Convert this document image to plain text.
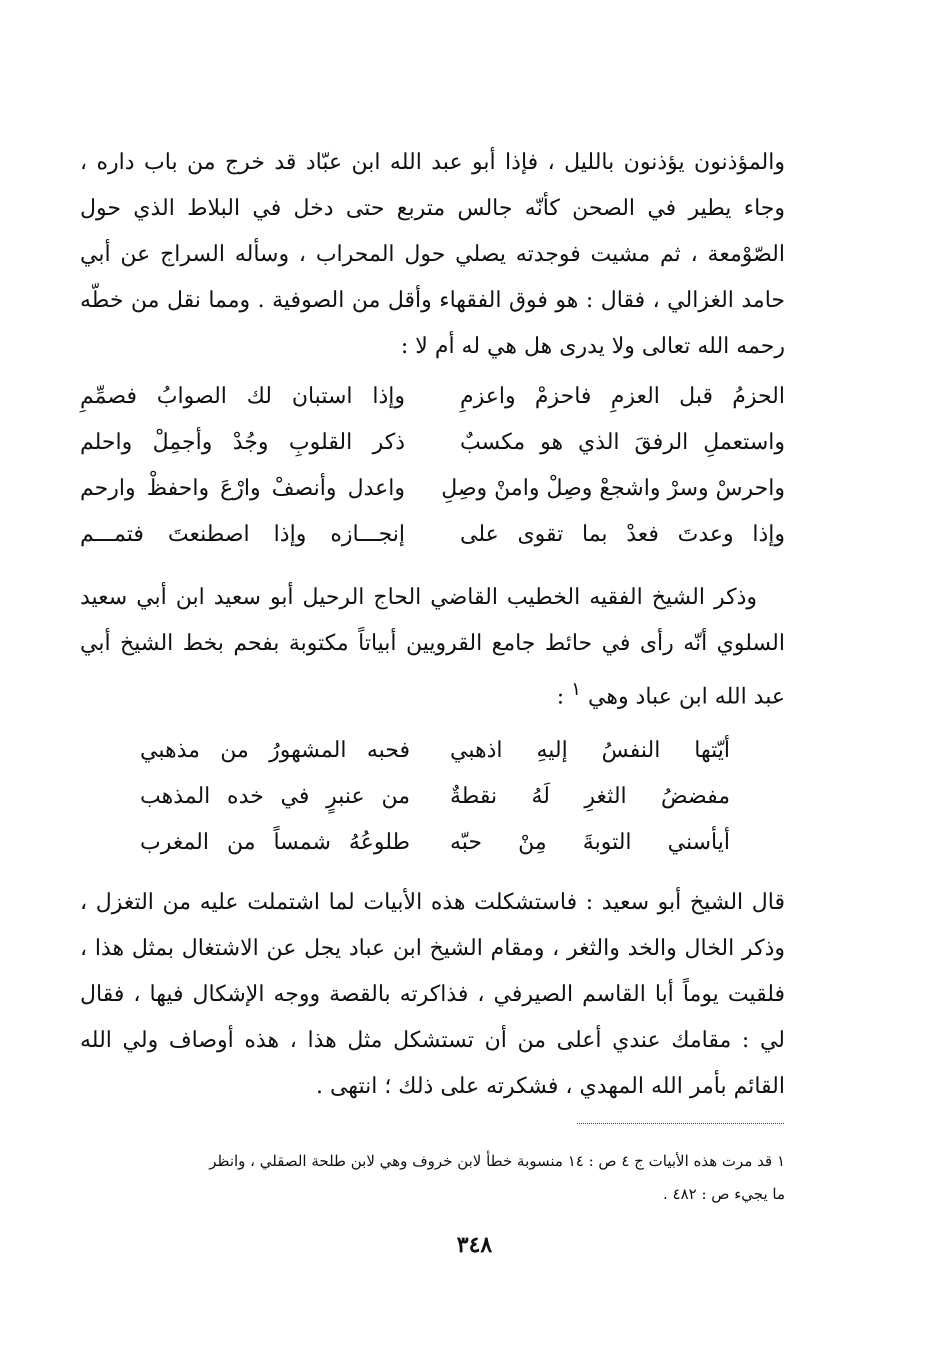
والمؤذنون يؤذنون بالليل ، فإذا أبو عبد الله ابن عبّاد قد خرج من باب داره ، وجاء يطير في الصحن كأنّه جالس متربع حتى دخل في البلاط الذي حول الصّوْمعة ، ثم مشيت فوجدته يصلي حول المحراب ، وسأله السراج عن أبي حامد الغزالي ، فقال : هو فوق الفقهاء وأقل من الصوفية . ومما نقل من خطّه رحمه الله تعالى ولا يدرى هل هي له أم لا :

الحزمُ قبل العزمِ فاحزمْ واعزمِ
وإذا استبان لك الصوابُ فصمِّمِ
واستعملِ الرفقَ الذي هو مكسبٌ
ذكر القلوبِ وجُدْ وأجمِلْ واحلم
واحرسْ وسرْ واشجعْ وصِلْ وامنْ وصِلِ
واعدل وأنصفْ وارْعَ واحفظْ وارحم
وإذا وعدتَ فعدْ بما تقوى على
إنجـــازه وإذا اصطنعتَ فتمـــم

وذكر الشيخ الفقيه الخطيب القاضي الحاج الرحيل أبو سعيد ابن أبي سعيد السلوي أنّه رأى في حائط جامع القرويين أبياتاً مكتوبة بفحم بخط الشيخ أبي عبد الله ابن عباد وهي $^١$ :

أيّتها النفسُ إليهِ اذهبي
فحبه المشهورُ من مذهبي
مفضضُ الثغرِ لَهُ نقطةٌ
من عنبرٍ في خده المذهب
أيأسني التوبةَ مِنْ حبّه
طلوعُهُ شمساً من المغرب

قال الشيخ أبو سعيد : فاستشكلت هذه الأبيات لما اشتملت عليه من التغزل ، وذكر الخال والخد والثغر ، ومقام الشيخ ابن عباد يجل عن الاشتغال بمثل هذا ، فلقيت يوماً أبا القاسم الصيرفي ، فذاكرته بالقصة ووجه الإشكال فيها ، فقال لي : مقامك عندي أعلى من أن تستشكل مثل هذا ، هذه أوصاف ولي الله القائم بأمر الله المهدي ، فشكرته على ذلك ؛ انتهى .

١ قد مرت هذه الأبيات ج ٤ ص : ١٤ منسوبة خطأ لابن خروف وهي لابن طلحة الصقلي ، وانظر

ما يجيء ص : ٤٨٢ .

٣٤٨
